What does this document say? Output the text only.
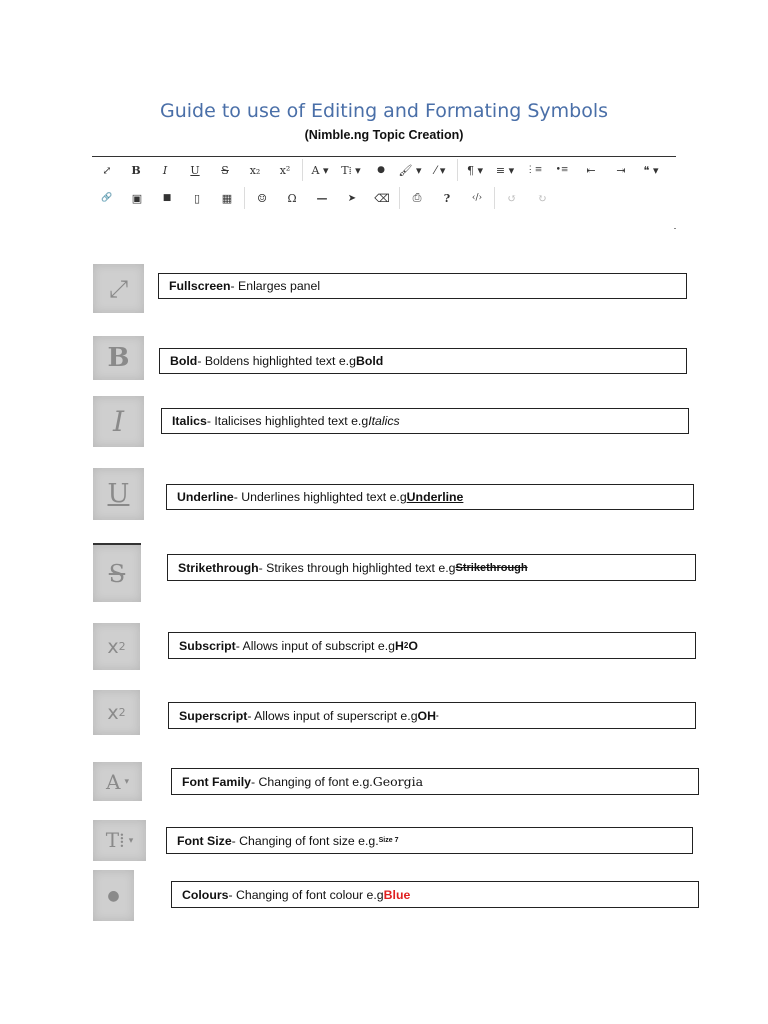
Guide to use of Editing and Formating Symbols
(Nimble.ng Topic Creation)
⤢	B	I	U	S	x₂	x²	A ▾	T⁞ ▾	●	🖌 ▾	⁄ ▾	¶ ▾	≡ ▾	⋮≡	•≡	⇤	⇥	❝ ▾
🔗	▣	■	▯	▦	☺	Ω	—	➤	⌫	⎙	?	‹/›	↺	↻
⤢	Fullscreen - Enlarges panel
B	Bold - Boldens highlighted text e.g Bold
I	Italics - Italicises highlighted text e.g Italics
U	Underline - Underlines highlighted text e.g Underline
S	Strikethrough - Strikes through highlighted text e.g Strikethrough
x 2	Subscript - Allows input of subscript e.g H 2 O
x 2	Superscript - Allows input of superscript e.g OH -
A ▾	Font Family - Changing of font e.g. Georgia
T⁞ ▾	Font Size - Changing of font size e.g. Size 7
●	Colours - Changing of font colour e.g Blue
